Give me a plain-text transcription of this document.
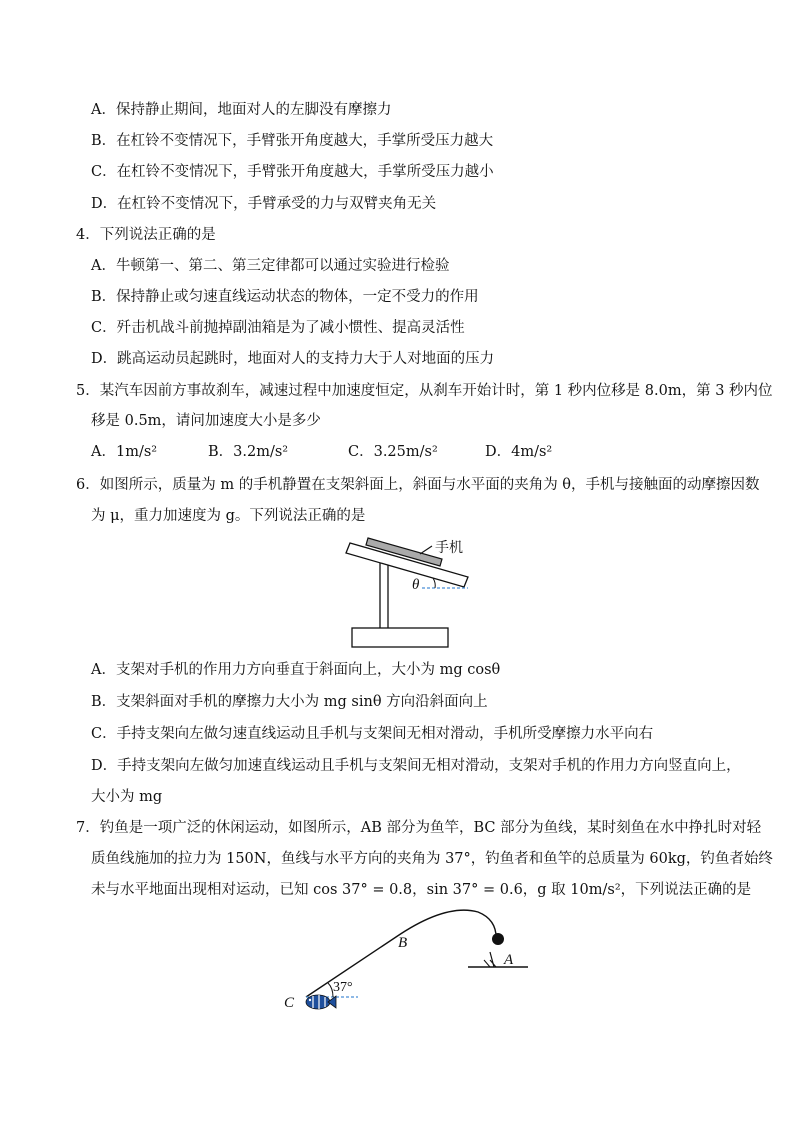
A．保持静止期间，地面对人的左脚没有摩擦力
B．在杠铃不变情况下，手臂张开角度越大，手掌所受压力越大
C．在杠铃不变情况下，手臂张开角度越大，手掌所受压力越小
D．在杠铃不变情况下，手臂承受的力与双臂夹角无关
4．下列说法正确的是
A．牛顿第一、第二、第三定律都可以通过实验进行检验
B．保持静止或匀速直线运动状态的物体，一定不受力的作用
C．歼击机战斗前抛掉副油箱是为了减小惯性、提高灵活性
D．跳高运动员起跳时，地面对人的支持力大于人对地面的压力
5．某汽车因前方事故刹车，减速过程中加速度恒定，从刹车开始计时，第 1 秒内位移是 8.0m，第 3 秒内位
移是 0.5m，请问加速度大小是多少
A．1m/s²	B．3.2m/s²	C．3.25m/s²	D．4m/s²
6．如图所示，质量为 m 的手机静置在支架斜面上，斜面与水平面的夹角为 θ，手机与接触面的动摩擦因数
为 μ，重力加速度为 g。下列说法正确的是
手机
θ
A．支架对手机的作用力方向垂直于斜面向上，大小为 mg cosθ
B．支架斜面对手机的摩擦力大小为 mg sinθ 方向沿斜面向上
C．手持支架向左做匀速直线运动且手机与支架间无相对滑动，手机所受摩擦力水平向右
D．手持支架向左做匀加速直线运动且手机与支架间无相对滑动，支架对手机的作用力方向竖直向上，
大小为 mg
7．钓鱼是一项广泛的休闲运动，如图所示，AB 部分为鱼竿，BC 部分为鱼线，某时刻鱼在水中挣扎时对轻
质鱼线施加的拉力为 150N，鱼线与水平方向的夹角为 37°，钓鱼者和鱼竿的总质量为 60kg，钓鱼者始终
未与水平地面出现相对运动，已知 cos 37° = 0.8，sin 37° = 0.6，g 取 10m/s²，下列说法正确的是
A
B
C
37°
